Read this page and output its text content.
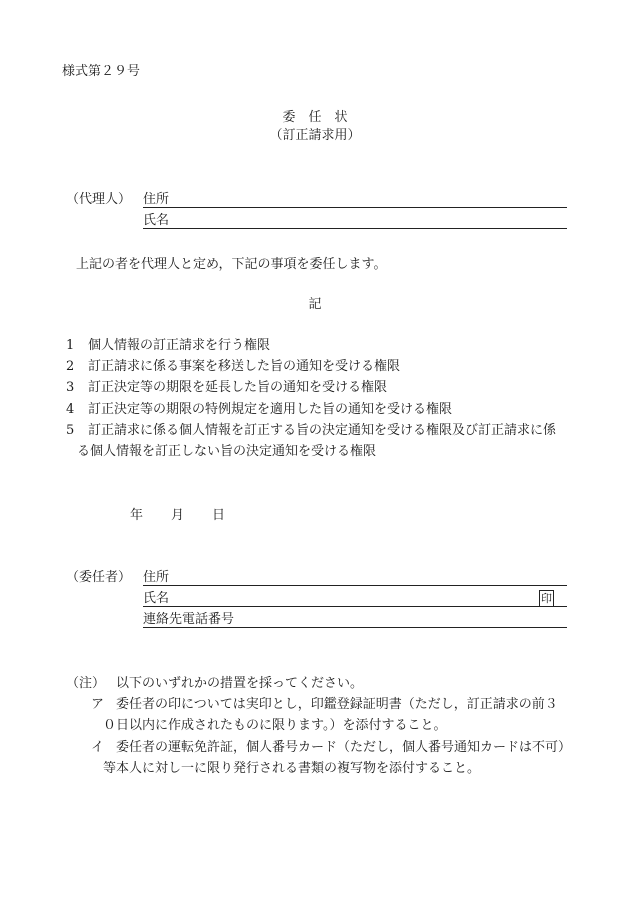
様式第２９号
委　任　状
（訂正請求用）
（代理人） 住所
氏名
上記の者を代理人と定め，下記の事項を委任します。
記
1 個人情報の訂正請求を行う権限
2 訂正請求に係る事案を移送した旨の通知を受ける権限
3 訂正決定等の期限を延長した旨の通知を受ける権限
4 訂正決定等の期限の特例規定を適用した旨の通知を受ける権限
5 訂正請求に係る個人情報を訂正する旨の決定通知を受ける権限及び訂正請求に係
る個人情報を訂正しない旨の決定通知を受ける権限
年 月 日
（委任者） 住所
氏名	印
連絡先電話番号
（注） 以下のいずれかの措置を採ってください。
ア 委任者の印については実印とし，印鑑登録証明書（ただし，訂正請求の前３
０日以内に作成されたものに限ります。）を添付すること。
イ 委任者の運転免許証，個人番号カード（ただし，個人番号通知カードは不可）
等本人に対し一に限り発行される書類の複写物を添付すること。
